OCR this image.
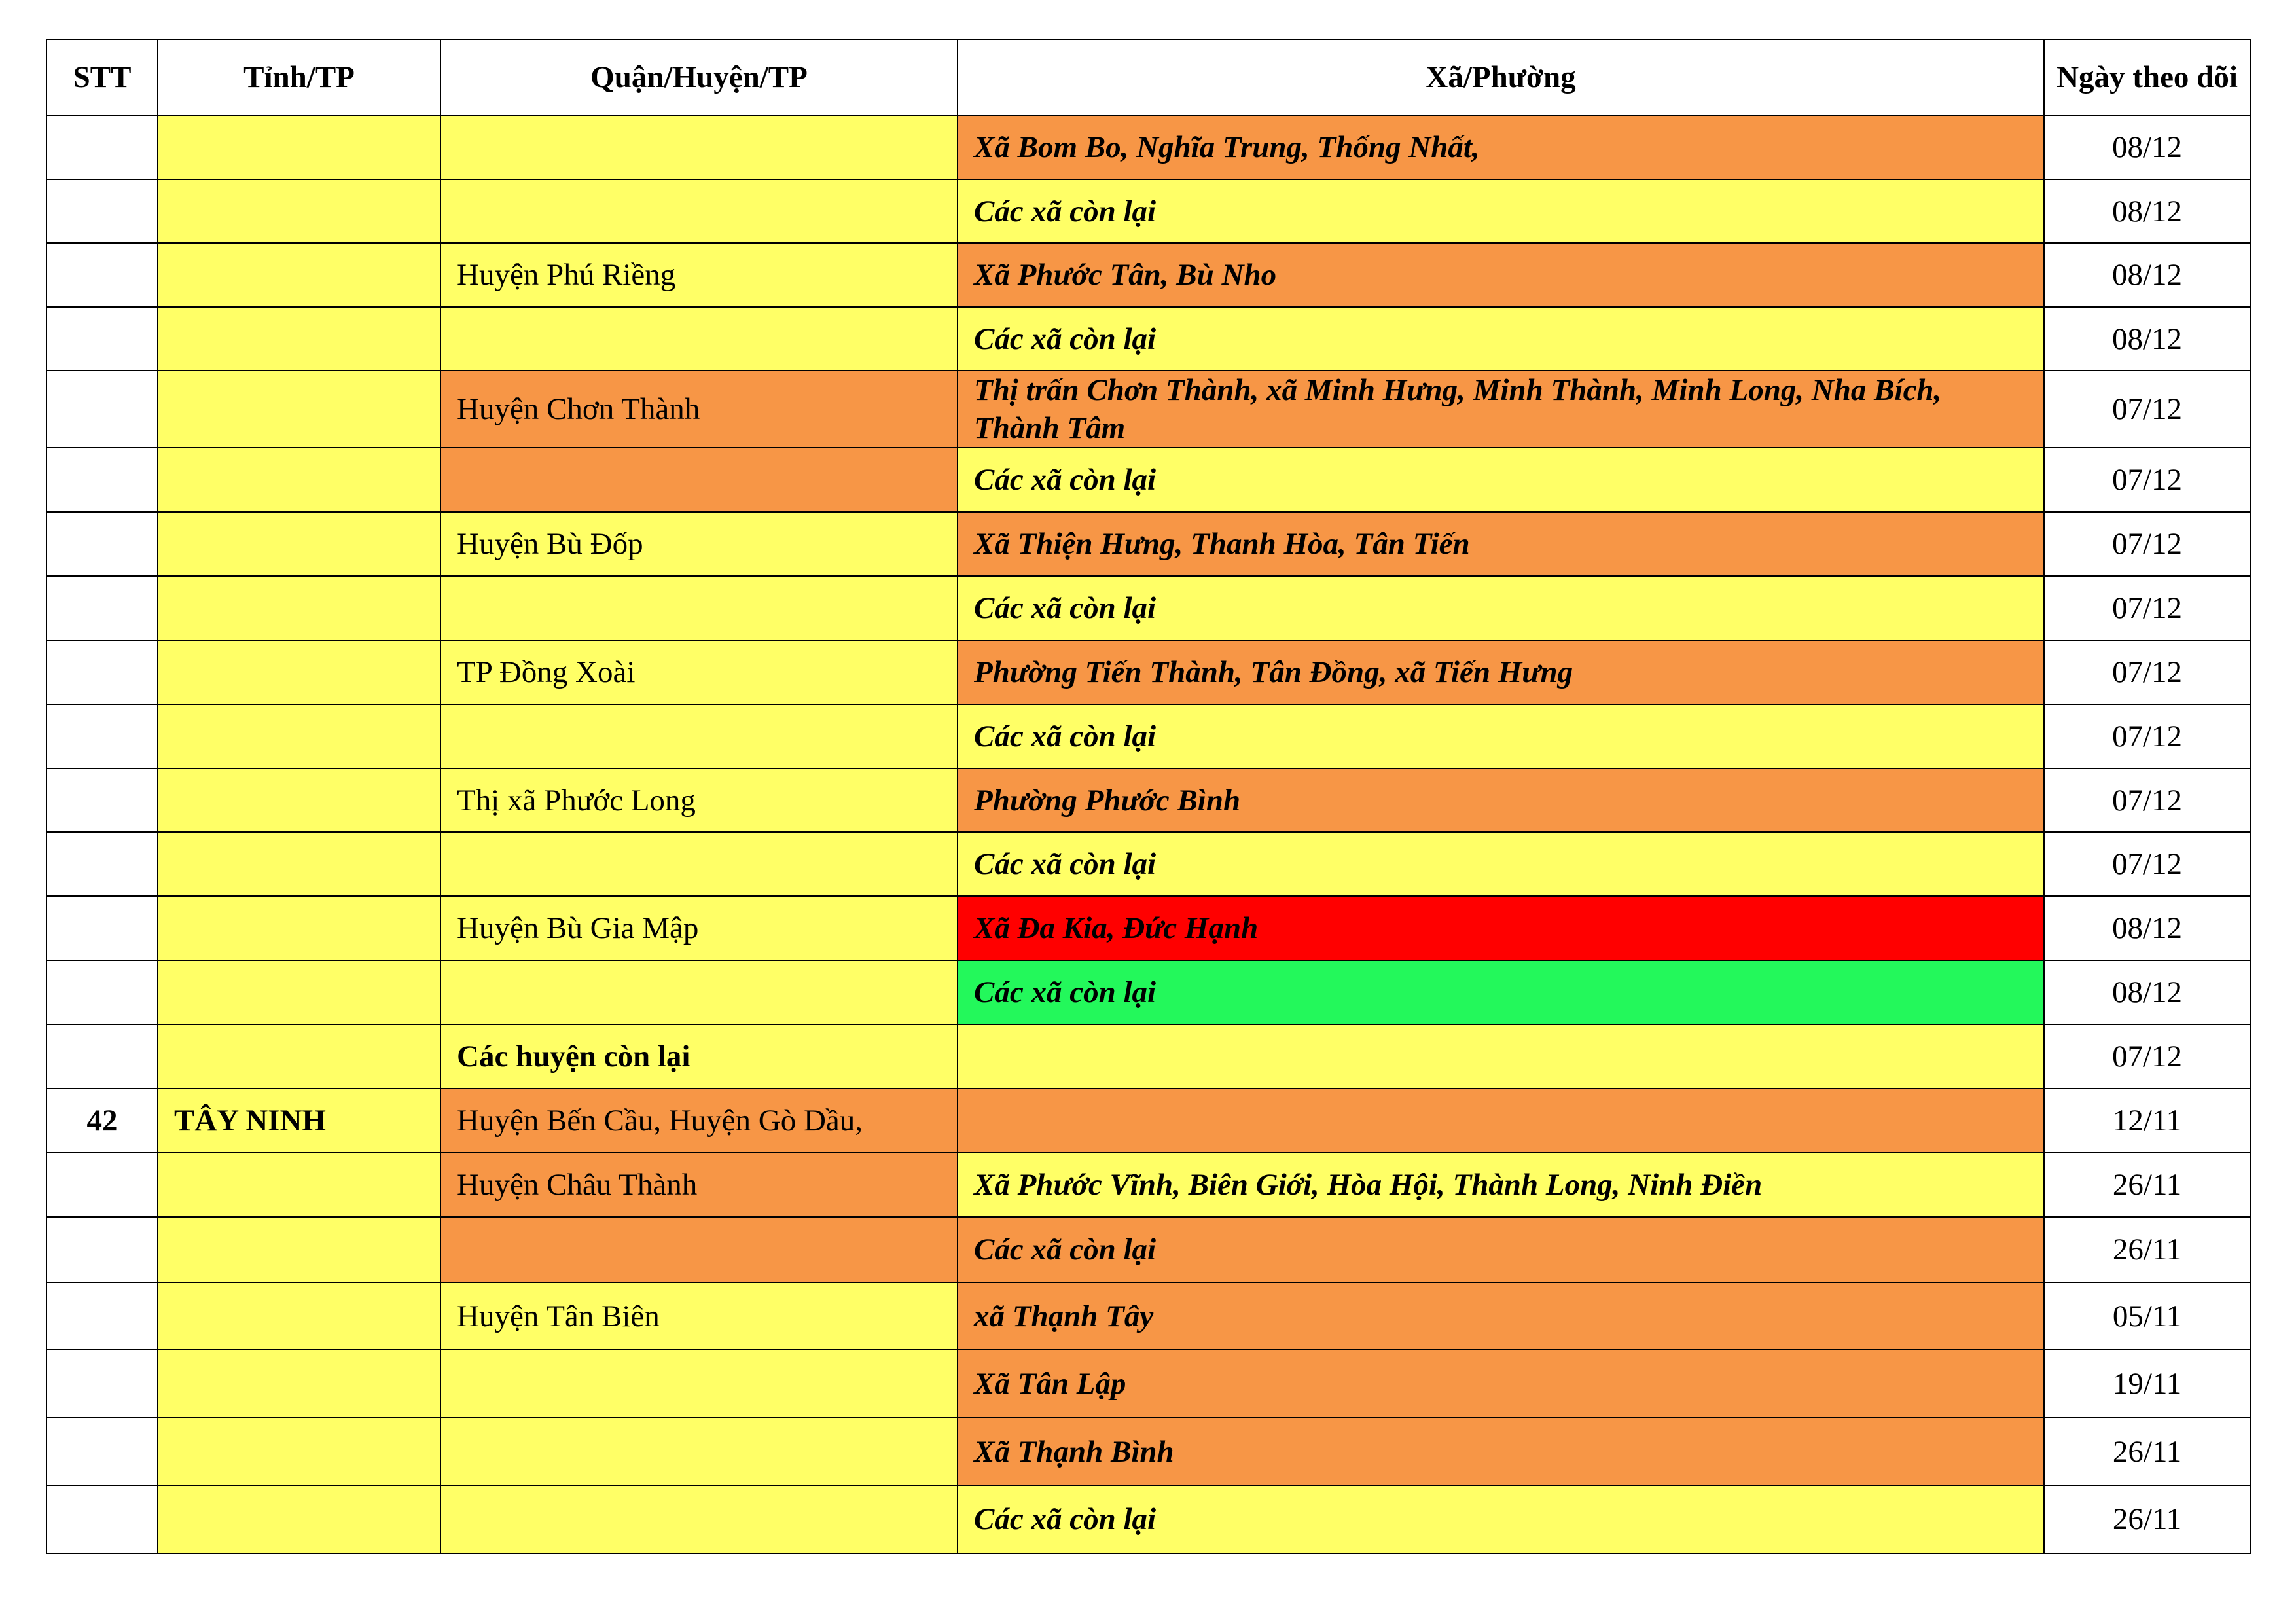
STT	Tỉnh/TP	Quận/Huyện/TP	Xã/Phường	Ngày theo dõi
			Xã Bom Bo, Nghĩa Trung, Thống Nhất,	08/12
			Các xã còn lại	08/12
		Huyện Phú Riềng	Xã Phước Tân, Bù Nho	08/12
			Các xã còn lại	08/12
		Huyện Chơn Thành	Thị trấn Chơn Thành, xã Minh Hưng, Minh Thành, Minh Long, Nha Bích, Thành Tâm	07/12
			Các xã còn lại	07/12
		Huyện Bù Đốp	Xã Thiện Hưng, Thanh Hòa, Tân Tiến	07/12
			Các xã còn lại	07/12
		TP Đồng Xoài	Phường Tiến Thành, Tân Đồng, xã Tiến Hưng	07/12
			Các xã còn lại	07/12
		Thị xã Phước Long	Phường Phước Bình	07/12
			Các xã còn lại	07/12
		Huyện Bù Gia Mập	Xã Đa Kia, Đức Hạnh	08/12
			Các xã còn lại	08/12
		Các huyện còn lại		07/12
42	TÂY NINH	Huyện Bến Cầu, Huyện Gò Dầu,		12/11
		Huyện Châu Thành	Xã Phước Vĩnh, Biên Giới, Hòa Hội, Thành Long, Ninh Điền	26/11
			Các xã còn lại	26/11
		Huyện Tân Biên	xã Thạnh Tây	05/11
			Xã Tân Lập	19/11
			Xã Thạnh Bình	26/11
			Các xã còn lại	26/11
